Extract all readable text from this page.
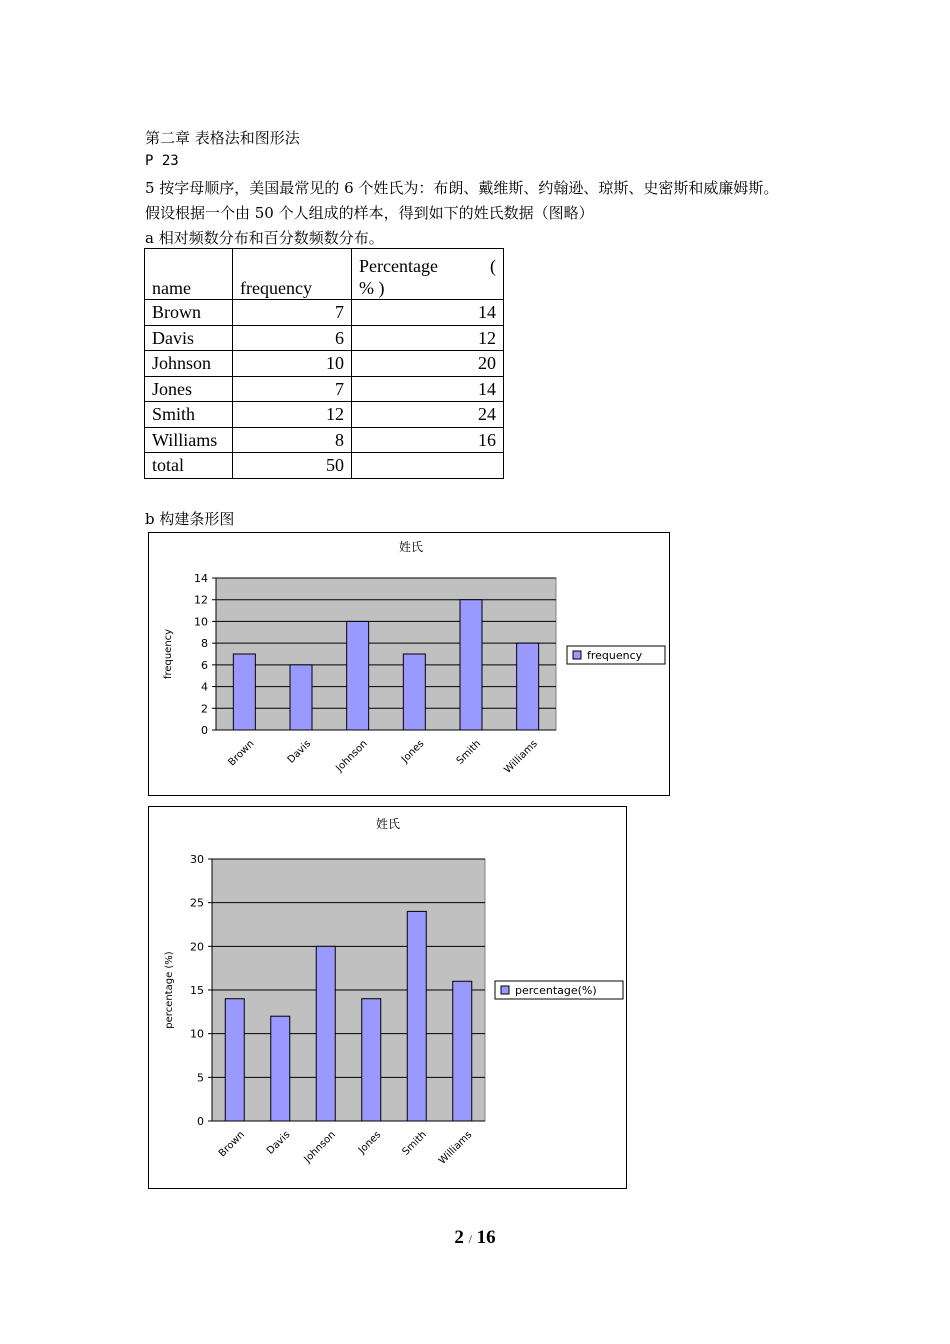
第二章 表格法和图形法
P 23
5 按字母顺序，美国最常见的 6 个姓氏为：布朗、戴维斯、约翰逊、琼斯、史密斯和威廉姆斯。
假设根据一个由 50 个人组成的样本，得到如下的姓氏数据（图略）
a 相对频数分布和百分数频数分布。
name	frequency	Percentage (
% )

Brown	7	14
Davis	6	12
Johnson	10	20
Jones	7	14
Smith	12	24
Williams	8	16
total	50	
b 构建条形图
姓氏
0
2
4
6
8
10
12
14
Brown	Davis Johnson	Jones	Smith Williams
frequency	frequency
姓氏
0
5
10
15
20
25
30
Brown Davis Johnson Jones Smith Williams
percentage (%)	percentage(%)
2 / 16
